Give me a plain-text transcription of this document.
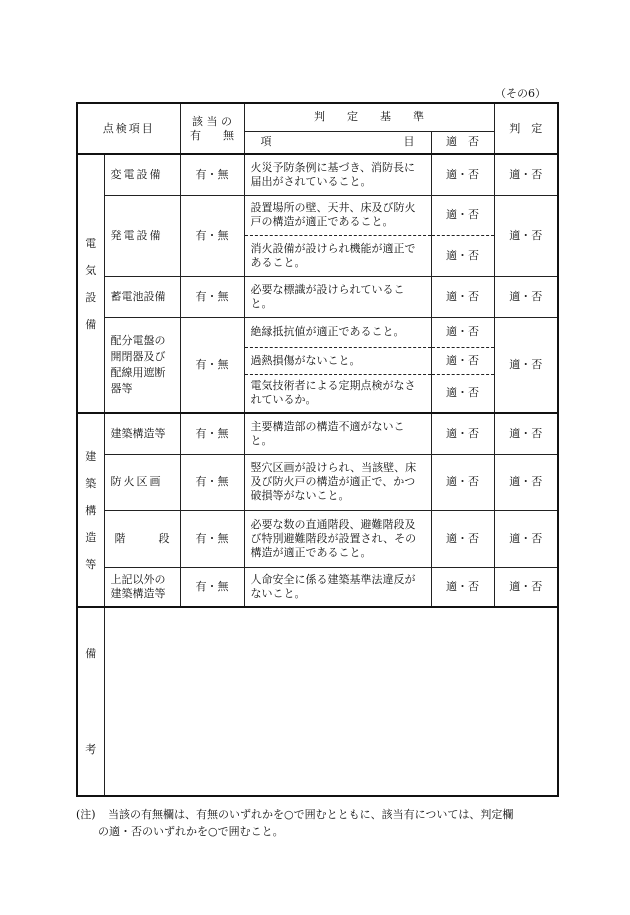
（その6）
点検項目		該 当 の
有　　無	判　　定　　基　　準		判　定
			項　　　　　　　　　　　　目	適　否	

電
気
設
備	変電設備	有・無	火災予防条例に基づき、消防長に届出がされていること。	適・否	適・否
	発電設備	有・無	設置場所の壁、天井、床及び防火戸の構造が適正であること。	適・否	適・否
			消火設備が設けられ機能が適正であること。	適・否	
	蓄電池設備	有・無	必要な標識が設けられていること。	適・否	適・否
	配分電盤の開閉器及び配線用遮断器等	有・無	絶縁抵抗値が適正であること。	適・否	適・否
			過熱損傷がないこと。	適・否	
			電気技術者による定期点検がなされているか。	適・否	

建
築
構
造
等	建築構造等	有・無	主要構造部の構造不適がないこと。	適・否	適・否
	防火区画	有・無	竪穴区画が設けられ、当該壁、床及び防火戸の構造が適正で、かつ破損等がないこと。	適・否	適・否

	階 段	有・無	必要な数の直通階段、避難階段及び特別避難階段が設置され、その構造が適正であること。	適・否	適・否
	上記以外の建築構造等	有・無	人命安全に係る建築基準法違反がないこと。	適・否	適・否

備
考					

(注) 当該の有無欄は、有無のいずれかを○で囲むとともに、該当有については、判定欄
の適・否のいずれかを○で囲むこと。
